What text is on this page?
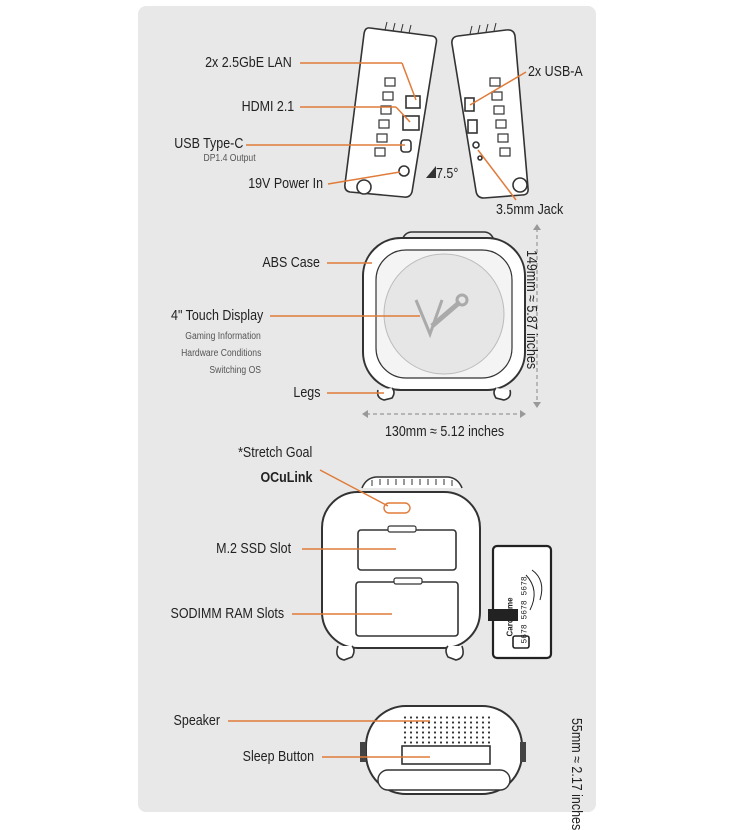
2x 2.5GbE LAN
HDMI 2.1
USB Type-C
DP1.4 Output
19V Power In
7.5°
2x USB-A
3.5mm Jack
ABS Case
4" Touch Display
Gaming Information
Hardware Conditions
Switching OS
Legs
130mm ≈ 5.12 inches
149mm ≈ 5.87 inches
*Stretch Goal
OCuLink
M.2 SSD Slot
SODIMM RAM Slots	Cardname 5678 5678 5678
Speaker
Sleep Button	55mm ≈ 2.17 inches
